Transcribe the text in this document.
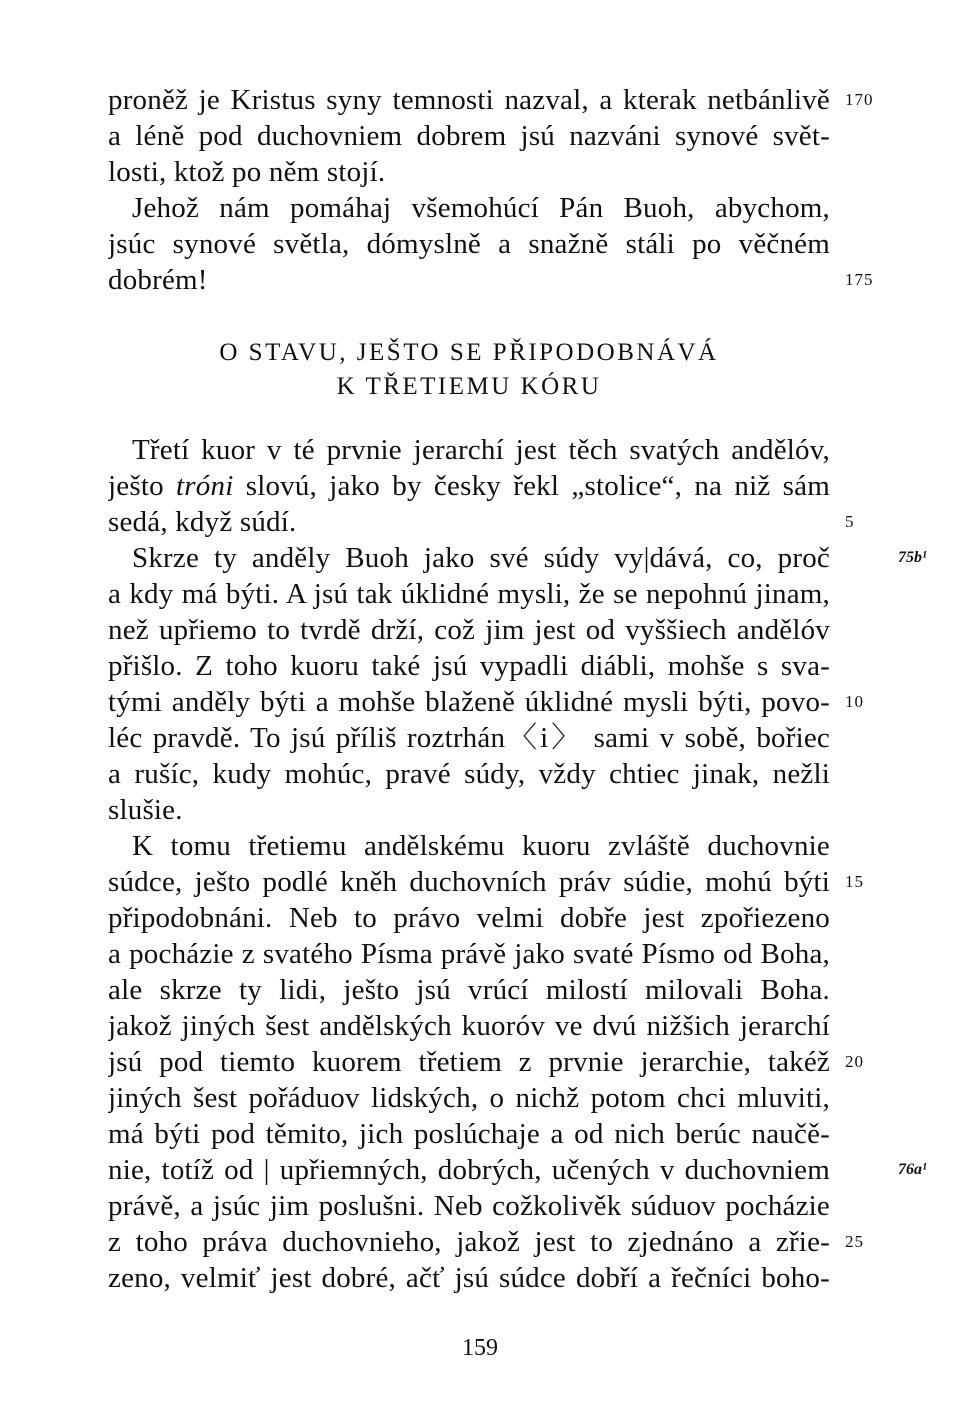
proněž je Kristus syny temnosti nazval, a kterak netbánlivě
a léně pod duchovniem dobrem jsú nazváni synové svět-
losti, ktož po něm stojí.
Jehož nám pomáhaj všemohúcí Pán Buoh, abychom,
jsúc synové světla, dómyslně a snažně stáli po věčném
dobrém!
O STAVU, JEŠTO SE PŘIPODOBNÁVÁ
K TŘETIEMU KÓRU
Třetí kuor v té prvnie jerarchí jest těch svatých andělóv,
ješto tróni slovú, jako by česky řekl „stolice“, na niž sám
sedá, když súdí.
Skrze ty anděly Buoh jako své súdy vy|dává, co, proč
a kdy má býti. A jsú tak úklidné mysli, že se nepohnú jinam,
než upřiemo to tvrdě drží, což jim jest od vyššiech andělóv
přišlo. Z toho kuoru také jsú vypadli diábli, mohše s sva-
tými anděly býti a mohše blaženě úklidné mysli býti, povo-
léc pravdě. To jsú příliš roztrhán〈i〉 sami v sobě, bořiec
a rušíc, kudy mohúc, pravé súdy, vždy chtiec jinak, nežli
slušie.
K tomu třetiemu andělskému kuoru zvláště duchovnie
súdce, ješto podlé kněh duchovních práv súdie, mohú býti
připodobnáni. Neb to právo velmi dobře jest zpořiezeno
a pocházie z svatého Písma právě jako svaté Písmo od Boha,
ale skrze ty lidi, ješto jsú vrúcí milostí milovali Boha.
jakož jiných šest andělských kuoróv ve dvú nižšich jerarchí
jsú pod tiemto kuorem třetiem z prvnie jerarchie, takéž
jiných šest pořáduov lidských, o nichž potom chci mluviti,
má býti pod těmito, jich poslúchaje a od nich berúc naučě-
nie, totíž od | upřiemných, dobrých, učených v duchovniem
právě, a jsúc jim poslušni. Neb cožkolivěk súduov pocházie
z toho práva duchovnieho, jakož jest to zjednáno a zřie-
zeno, velmiť jest dobré, ačť jsú súdce dobří a řečníci boho-
170
175
5
10
15
20
25
75b¹
76a¹
159
